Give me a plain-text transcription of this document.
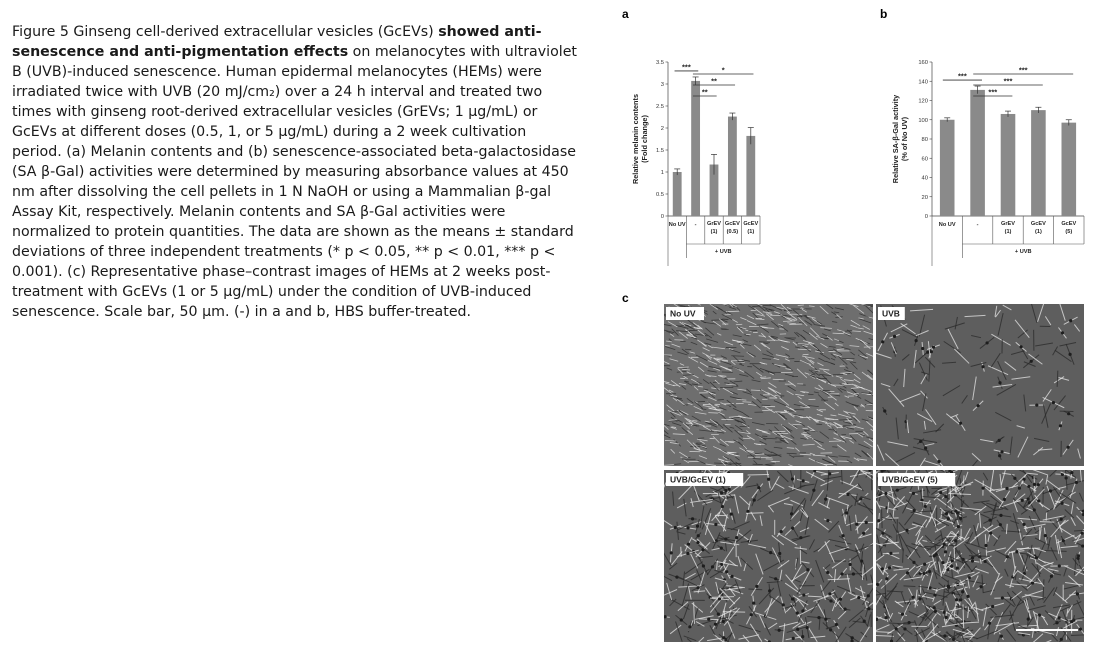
Figure 5 Ginseng cell-derived extracellular vesicles (GcEVs) showed anti-senescence and anti-pigmentation effects on melanocytes with ultraviolet B (UVB)-induced senescence. Human epidermal melanocytes (HEMs) were irradiated twice with UVB (20 mJ/cm₂) over a 24 h interval and treated two times with ginseng root-derived extracellular vesicles (GrEVs; 1 μg/mL) or GcEVs at different doses (0.5, 1, or 5 μg/mL) during a 2 week cultivation period. (a) Melanin contents and (b) senescence-associated beta-galactosidase (SA β-Gal) activities were determined by measuring absorbance values at 450 nm after dissolving the cell pellets in 1 N NaOH or using a Mammalian β-gal Assay Kit, respectively. Melanin contents and SA β-Gal activities were normalized to protein quantities. The data are shown as the means ± standard deviations of three independent treatments (* p < 0.05, ** p < 0.01, *** p < 0.001). (c) Representative phase–contrast images of HEMs at 2 weeks post-treatment with GcEVs (1 or 5 μg/mL) under the condition of UVB-induced senescence. Scale bar, 50 μm. (-) in a and b, HBS buffer-treated.

a
0
0.5
1
1.5
2
2.5
3
3.5
Relative melanin contents (Fold change)
***
**
**
*
No UV - GrEV
(1)
GcEV
(0.5)
GcEV
(1)
+ UVB
b
0
20
40
60
80
100
120
140
160
Relative SA-β-Gal activity (% of No UV)
***
***
***
***
No UV	-	GrEV
(1)
GcEV
(1)
GcEV
(5)
+ UVB
c
No UV	UVB
UVB/GcEV (1)	UVB/GcEV (5)
